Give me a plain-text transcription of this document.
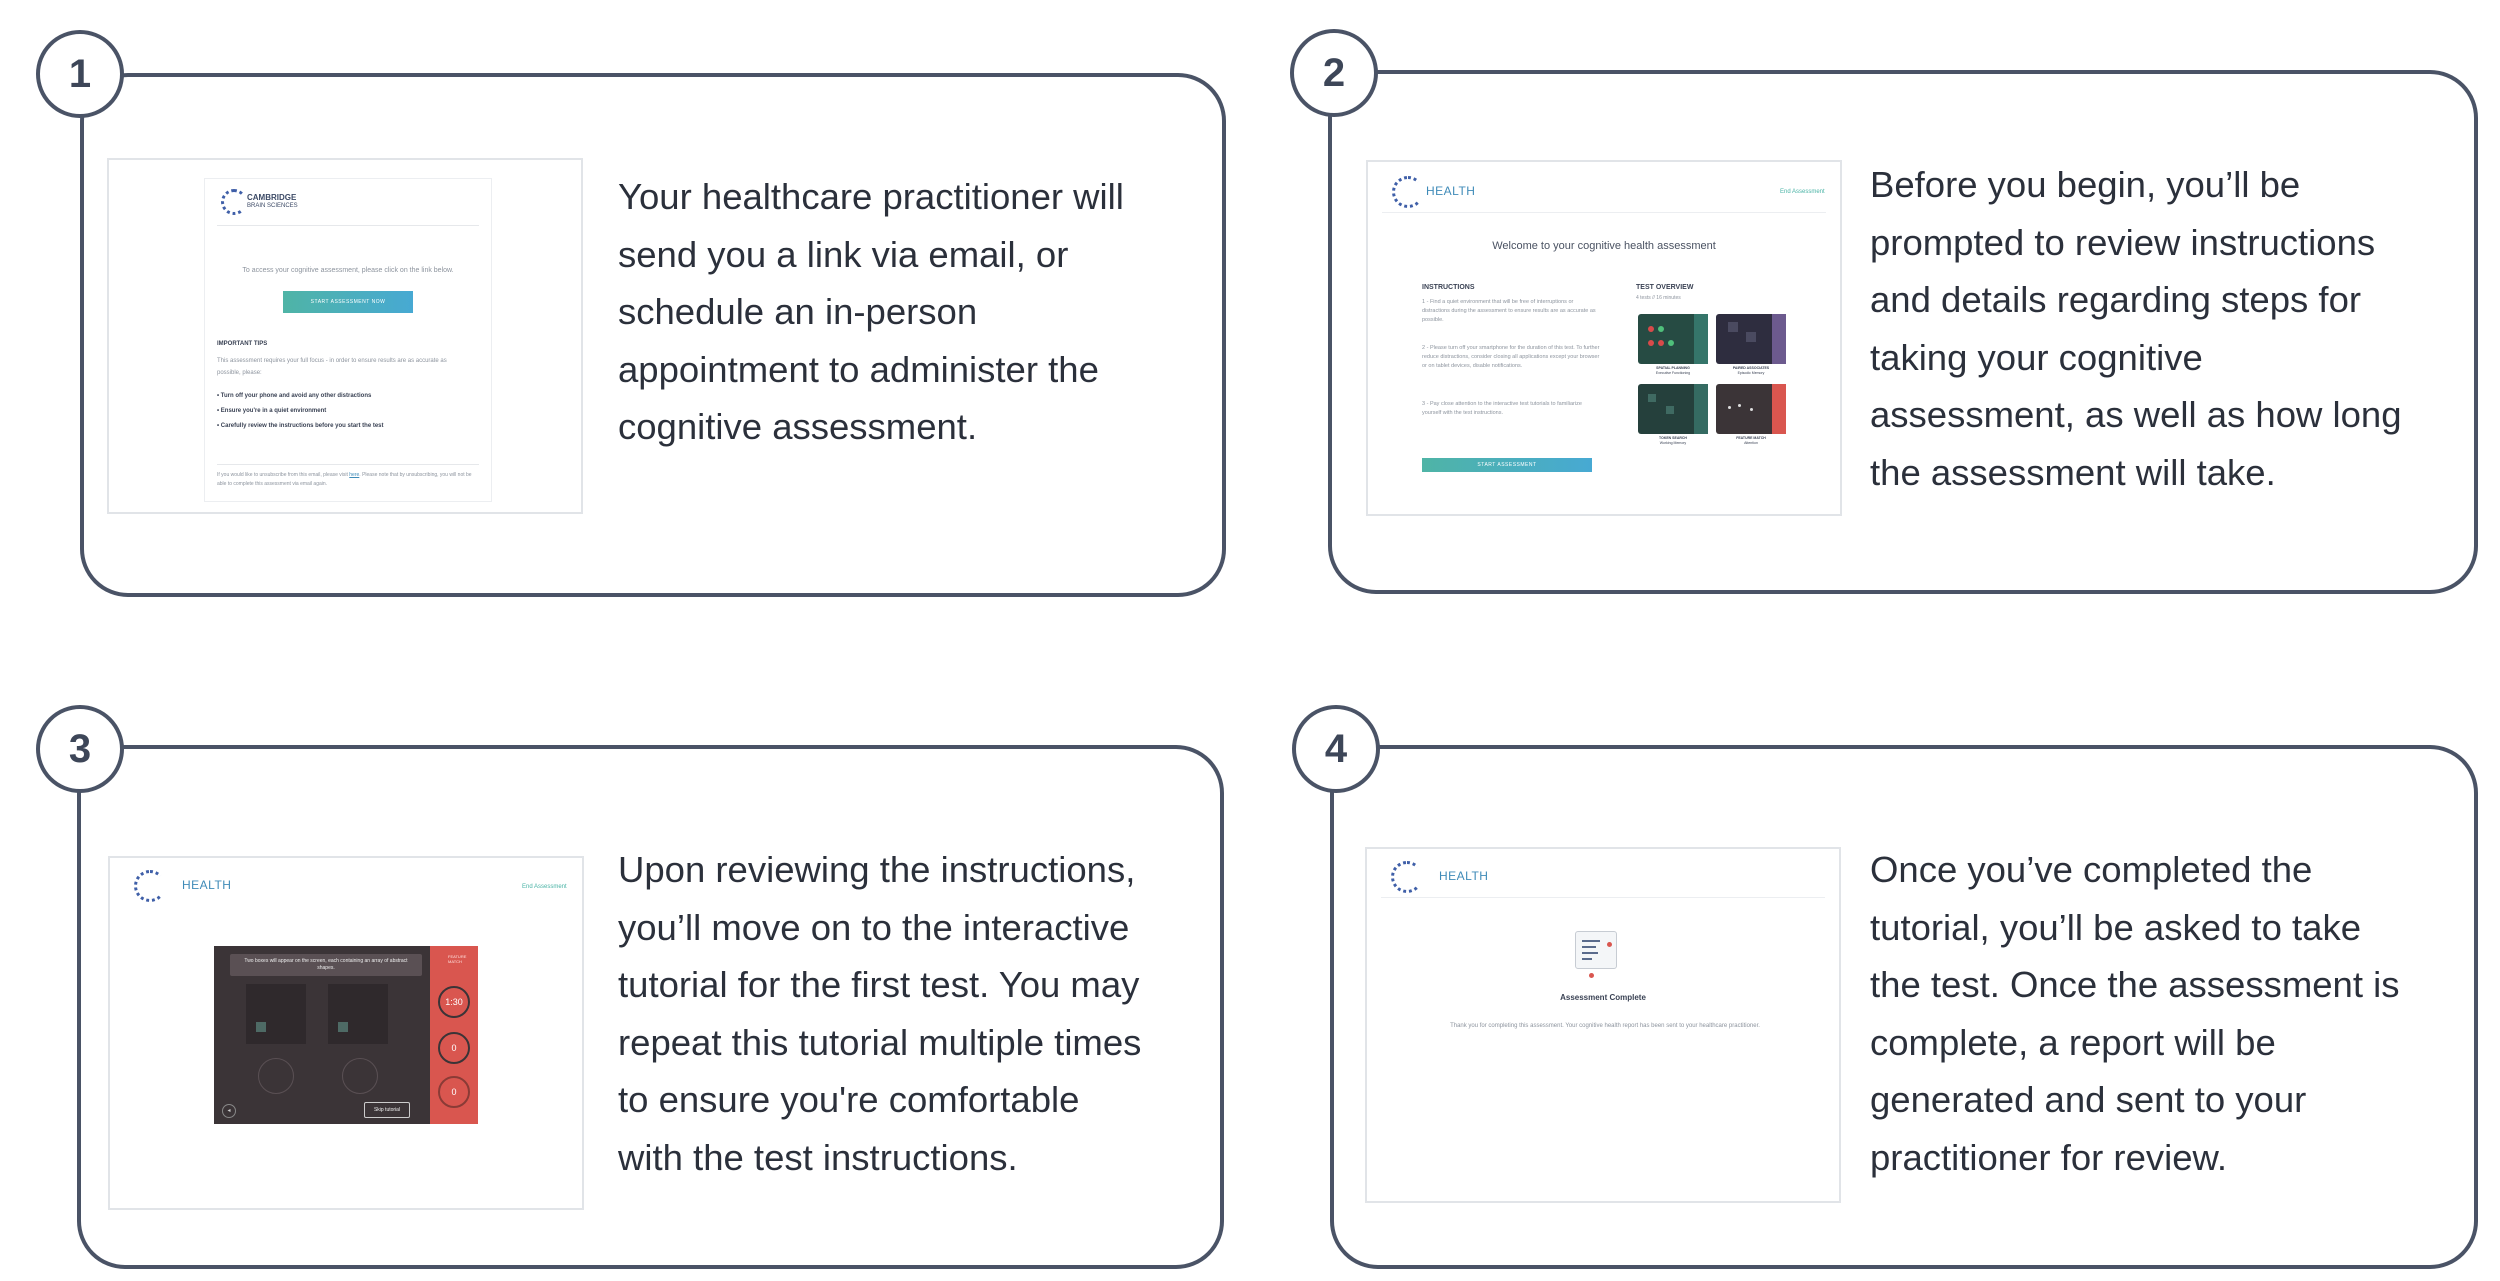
1
CAMBRIDGE
BRAIN SCIENCES
To access your cognitive assessment, please click on the link below.
START ASSESSMENT NOW
IMPORTANT TIPS
This assessment requires your full focus - in order to ensure results are as accurate as possible, please:
• Turn off your phone and avoid any other distractions
• Ensure you're in a quiet environment
• Carefully review the instructions before you start the test
If you would like to unsubscribe from this email, please visit here. Please note that by unsubscribing, you will not be able to complete this assessment via email again.
Your healthcare practitioner will
send you a link via email, or
schedule an in-person
appointment to administer the
cognitive assessment.
2
HEALTH	End Assessment
Welcome to your cognitive health assessment
INSTRUCTIONS
1 - Find a quiet environment that will be free of interruptions or distractions during the assessment to ensure results are as accurate as possible.
2 - Please turn off your smartphone for the duration of this test. To further reduce distractions, consider closing all applications except your browser or on tablet devices, disable notifications.
3 - Pay close attention to the interactive test tutorials to familiarize yourself with the test instructions.
START ASSESSMENT
TEST OVERVIEW
4 tests // 16 minutes
SPATIAL PLANNING
Executive Functioning
PAIRED ASSOCIATES
Episodic Memory
TOKEN SEARCH
Working Memory
FEATURE MATCH
Attention
Before you begin, you’ll be
prompted to review instructions
and details regarding steps for
taking your cognitive
assessment, as well as how long
the assessment will take.
3
HEALTH	End Assessment
Two boxes will appear on the screen, each containing an array of abstract shapes.
◂	Skip tutorial
FEATURE MATCH
1:30
0
0
Upon reviewing the instructions,
you’ll move on to the interactive
tutorial for the first test. You may
repeat this tutorial multiple times
to ensure you're comfortable
with the test instructions.
4
HEALTH
Assessment Complete
Thank you for completing this assessment. Your cognitive health report has been sent to your healthcare practitioner.
Once you’ve completed the
tutorial, you’ll be asked to take
the test. Once the assessment is
complete, a report will be
generated and sent to your
practitioner for review.
